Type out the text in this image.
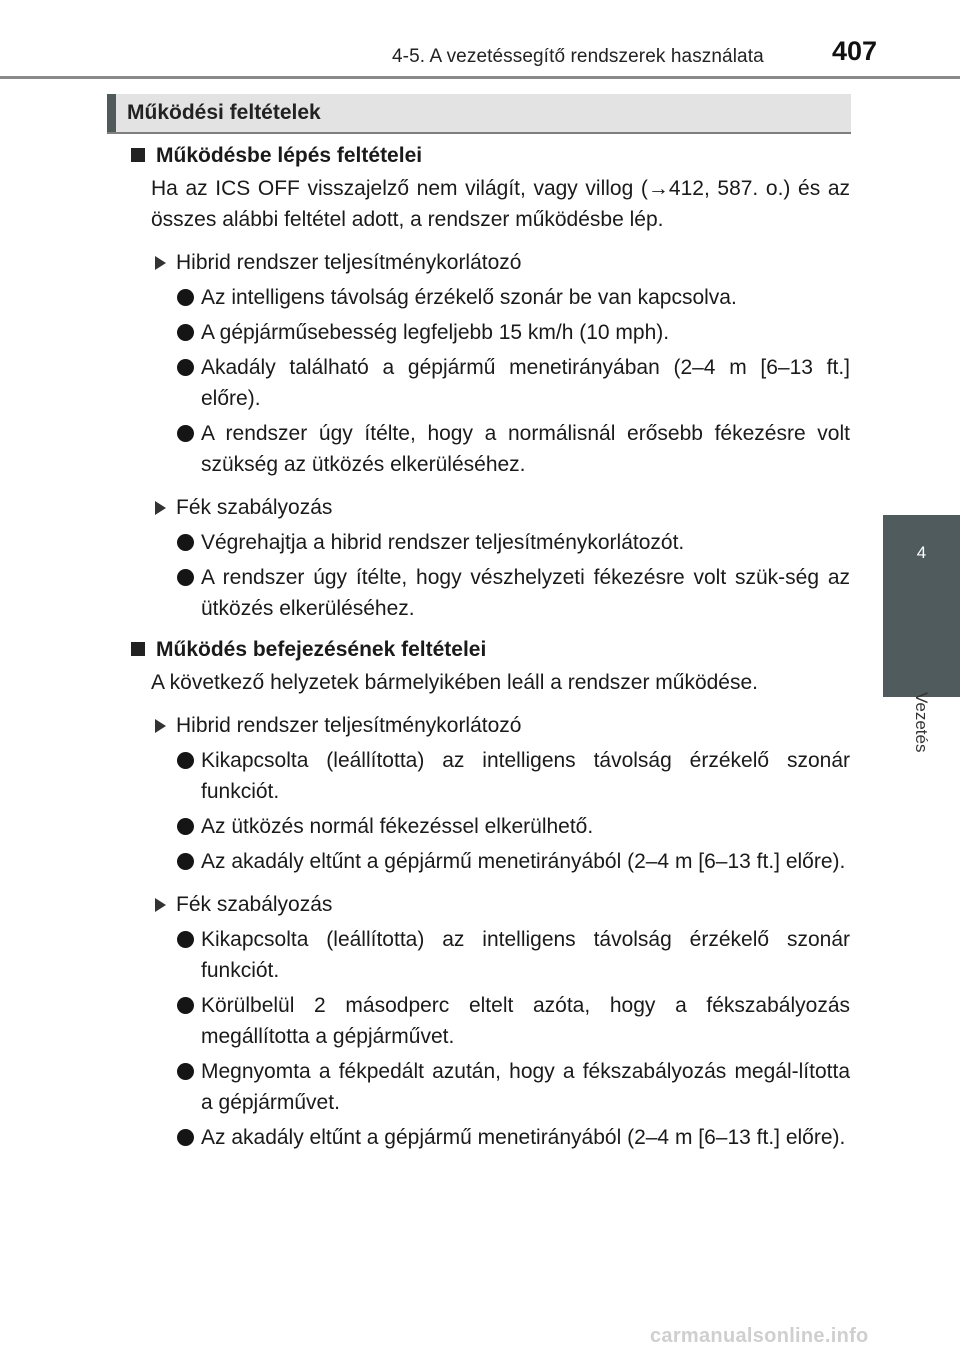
4-5. A vezetéssegítő rendszerek használata	407
4
Vezetés
Működési feltételek
Működésbe lépés feltételei
Ha az ICS OFF visszajelző nem világít, vagy villog (→412, 587. o.) és az összes alábbi feltétel adott, a rendszer működésbe lép.
Hibrid rendszer teljesítménykorlátozó
Az intelligens távolság érzékelő szonár be van kapcsolva.
A gépjárműsebesség legfeljebb 15 km/h (10 mph).
Akadály található a gépjármű menetirányában (2–4 m [6–13 ft.] előre).
A rendszer úgy ítélte, hogy a normálisnál erősebb fékezésre volt szükség az ütközés elkerüléséhez.
Fék szabályozás
Végrehajtja a hibrid rendszer teljesítménykorlátozót.
A rendszer úgy ítélte, hogy vészhelyzeti fékezésre volt szük-ség az ütközés elkerüléséhez.
Működés befejezésének feltételei
A következő helyzetek bármelyikében leáll a rendszer működése.
Hibrid rendszer teljesítménykorlátozó
Kikapcsolta (leállította) az intelligens távolság érzékelő szonár funkciót.
Az ütközés normál fékezéssel elkerülhető.
Az akadály eltűnt a gépjármű menetirányából (2–4 m [6–13 ft.] előre).
Fék szabályozás
Kikapcsolta (leállította) az intelligens távolság érzékelő szonár funkciót.
Körülbelül 2 másodperc eltelt azóta, hogy a fékszabályozás megállította a gépjárművet.
Megnyomta a fékpedált azután, hogy a fékszabályozás megál-lította a gépjárművet.
Az akadály eltűnt a gépjármű menetirányából (2–4 m [6–13 ft.] előre).
carmanualsonline.info
